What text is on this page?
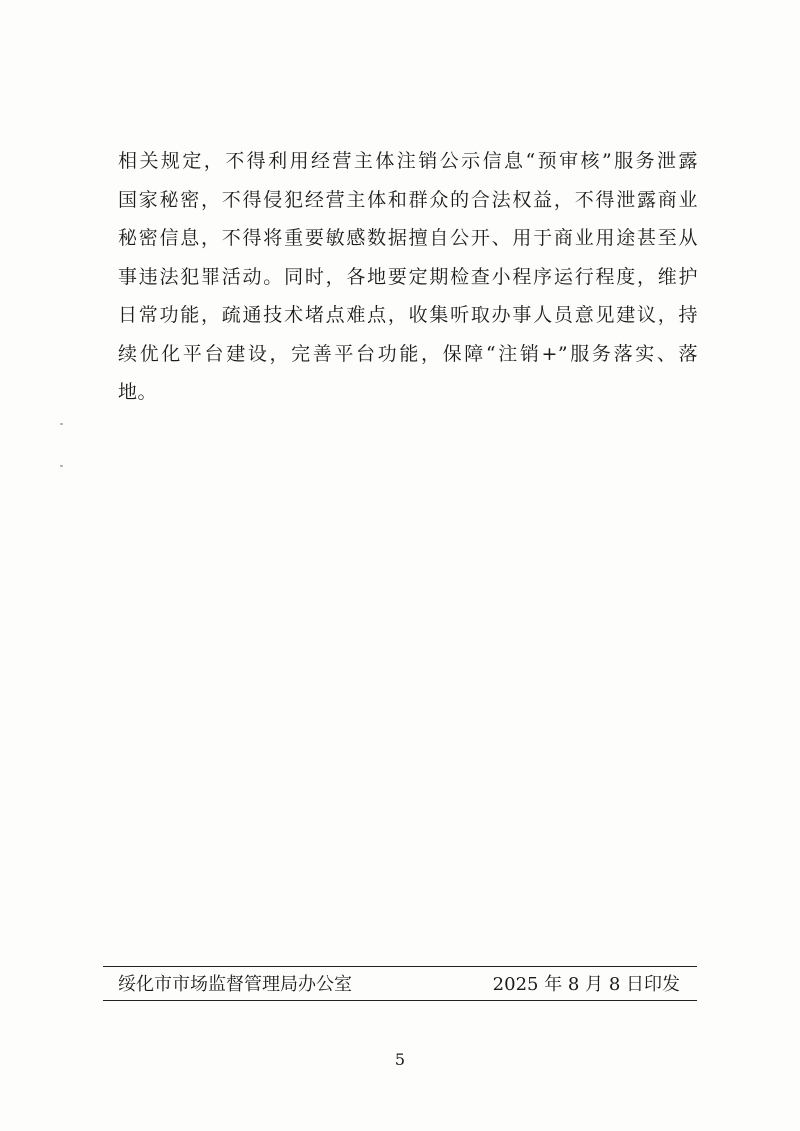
相关规定，不得利用经营主体注销公示信息“预审核”服务泄露
国家秘密，不得侵犯经营主体和群众的合法权益，不得泄露商业
秘密信息，不得将重要敏感数据擅自公开、用于商业用途甚至从
事违法犯罪活动。同时，各地要定期检查小程序运行程度，维护
日常功能，疏通技术堵点难点，收集听取办事人员意见建议，持
续优化平台建设，完善平台功能，保障“注销+”服务落实、落
地。
绥化市市场监督管理局办公室	2025 年 8 月 8 日印发
5
